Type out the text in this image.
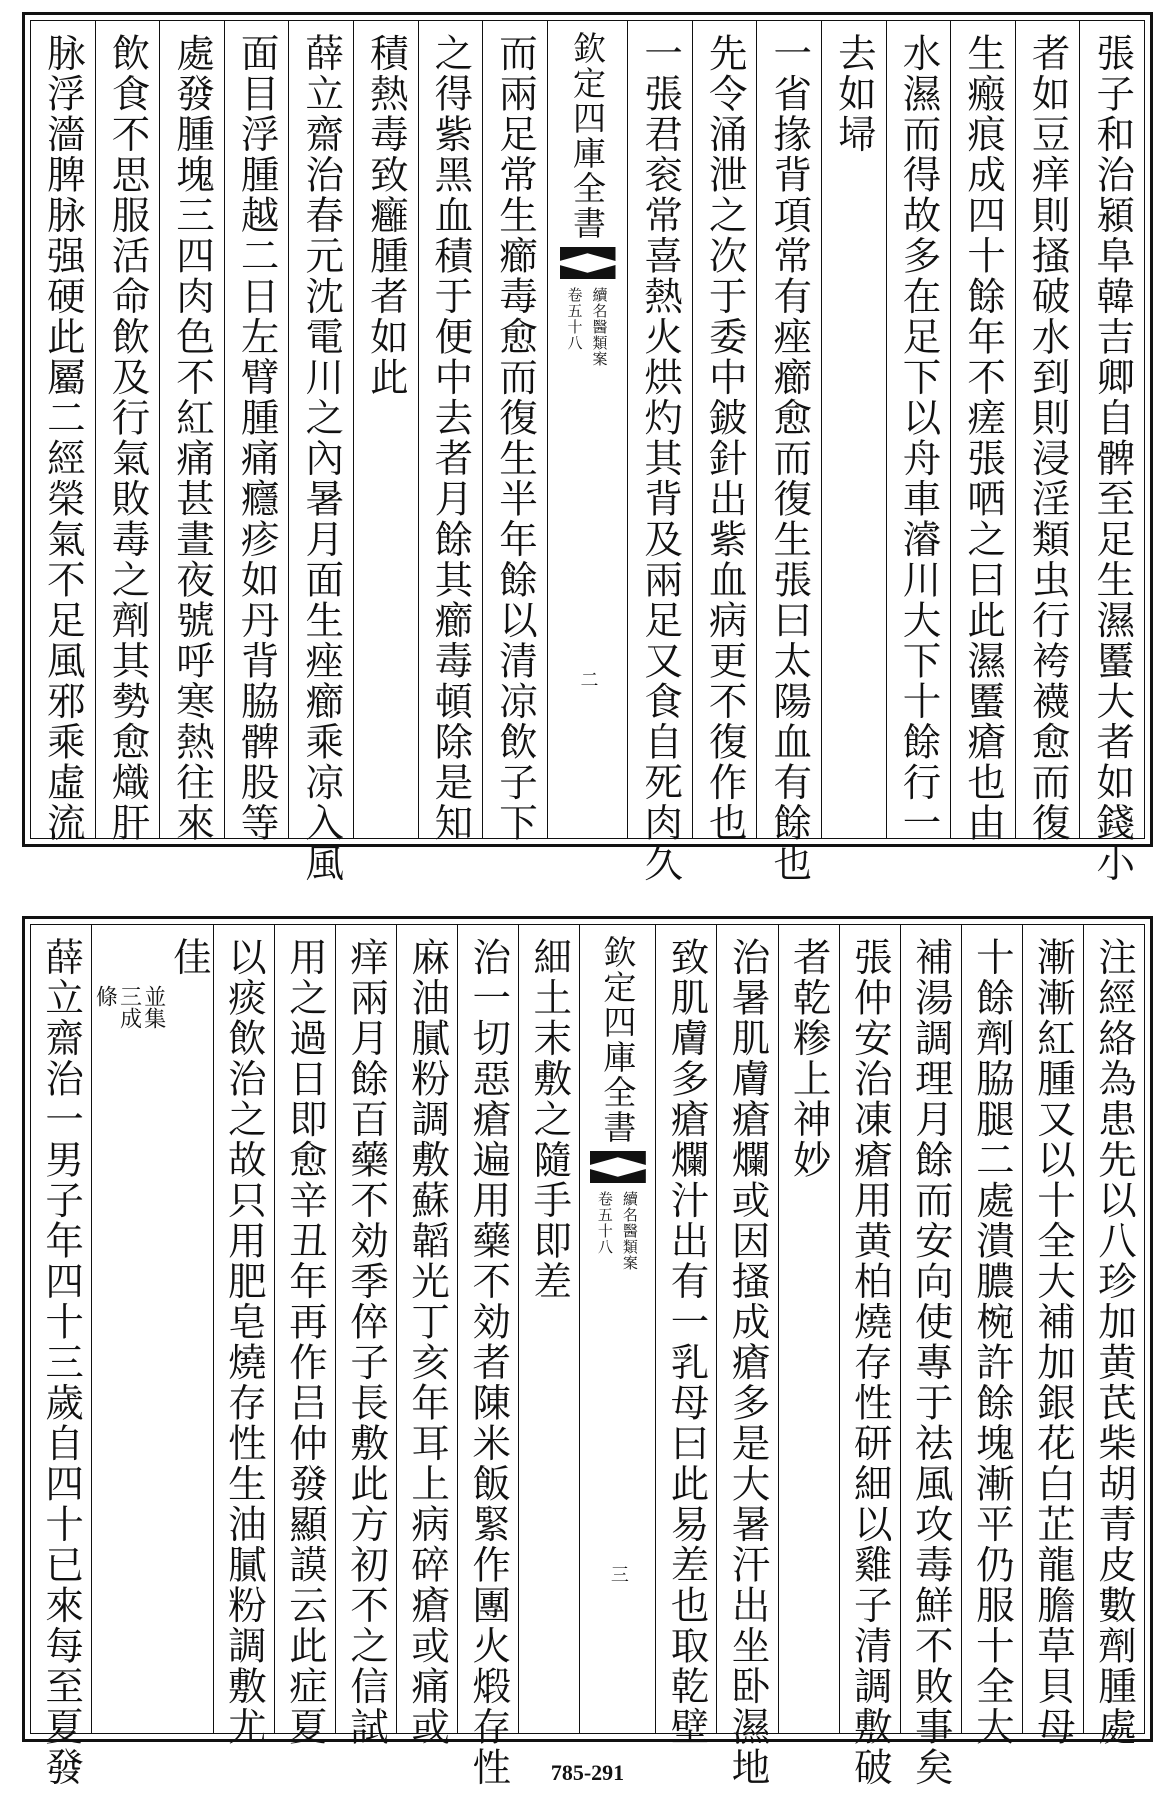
張子和治潁阜韓吉卿自髀至足生濕𧏾大者如錢小
者如豆痒則搔破水到則浸淫類虫行袴襪愈而復
生瘢痕成四十餘年不瘥張哂之曰此濕𧏾瘡也由
水濕而得故多在足下以舟車濬川大下十餘行一
去如埽
一省掾背項常有痤癤愈而復生張曰太陽血有餘也
先令涌泄之次于委中鈹針出紫血病更不復作也
一張君衮常喜熱火烘灼其背及兩足又食自死肉久
欽定四庫全書
續名醫類案
卷五十八
二
而兩足常生癤毒愈而復生半年餘以清凉飲子下
之得紫黑血積于便中去者月餘其癤毒頓除是知
積熱毒致癰腫者如此
薛立齋治春元沈電川之內暑月面生痤癤乘凉入風
面目浮腫越二日左臂腫痛癮疹如丹背脇髀股等
處發腫塊三四肉色不紅痛甚晝夜號呼寒熱往來
飲食不思服活命飲及行氣敗毒之劑其勢愈熾肝
脉浮濇脾脉强硬此屬二經榮氣不足風邪乘虛流
注經絡為患先以八珍加黄芪柴胡青皮數劑腫處
漸漸紅腫又以十全大補加銀花白芷龍膽草貝母
十餘劑脇腿二處潰膿椀許餘塊漸平仍服十全大
補湯調理月餘而安向使專于祛風攻毒鮮不敗事矣
張仲安治凍瘡用黄柏燒存性研細以雞子清調敷破
者乾糁上神妙
治暑肌膚瘡爛或因搔成瘡多是大暑汗出坐卧濕地
致肌膚多瘡爛汁出有一乳母曰此易差也取乾壁
欽定四庫全書
續名醫類案
卷五十八
三
細土末敷之隨手即差
治一切惡瘡遍用藥不効者陳米飯緊作團火煅存性
麻油膩粉調敷蘇韜光丁亥年耳上病碎瘡或痛或
痒兩月餘百藥不効季倅子長敷此方初不之信試
用之過日即愈辛丑年再作吕仲發顯謨云此症夏
以痰飲治之故只用肥皂燒存性生油膩粉調敷尤
佳
並集
三成
條
薛立齋治一男子年四十三歲自四十已來每至夏發	785-291
